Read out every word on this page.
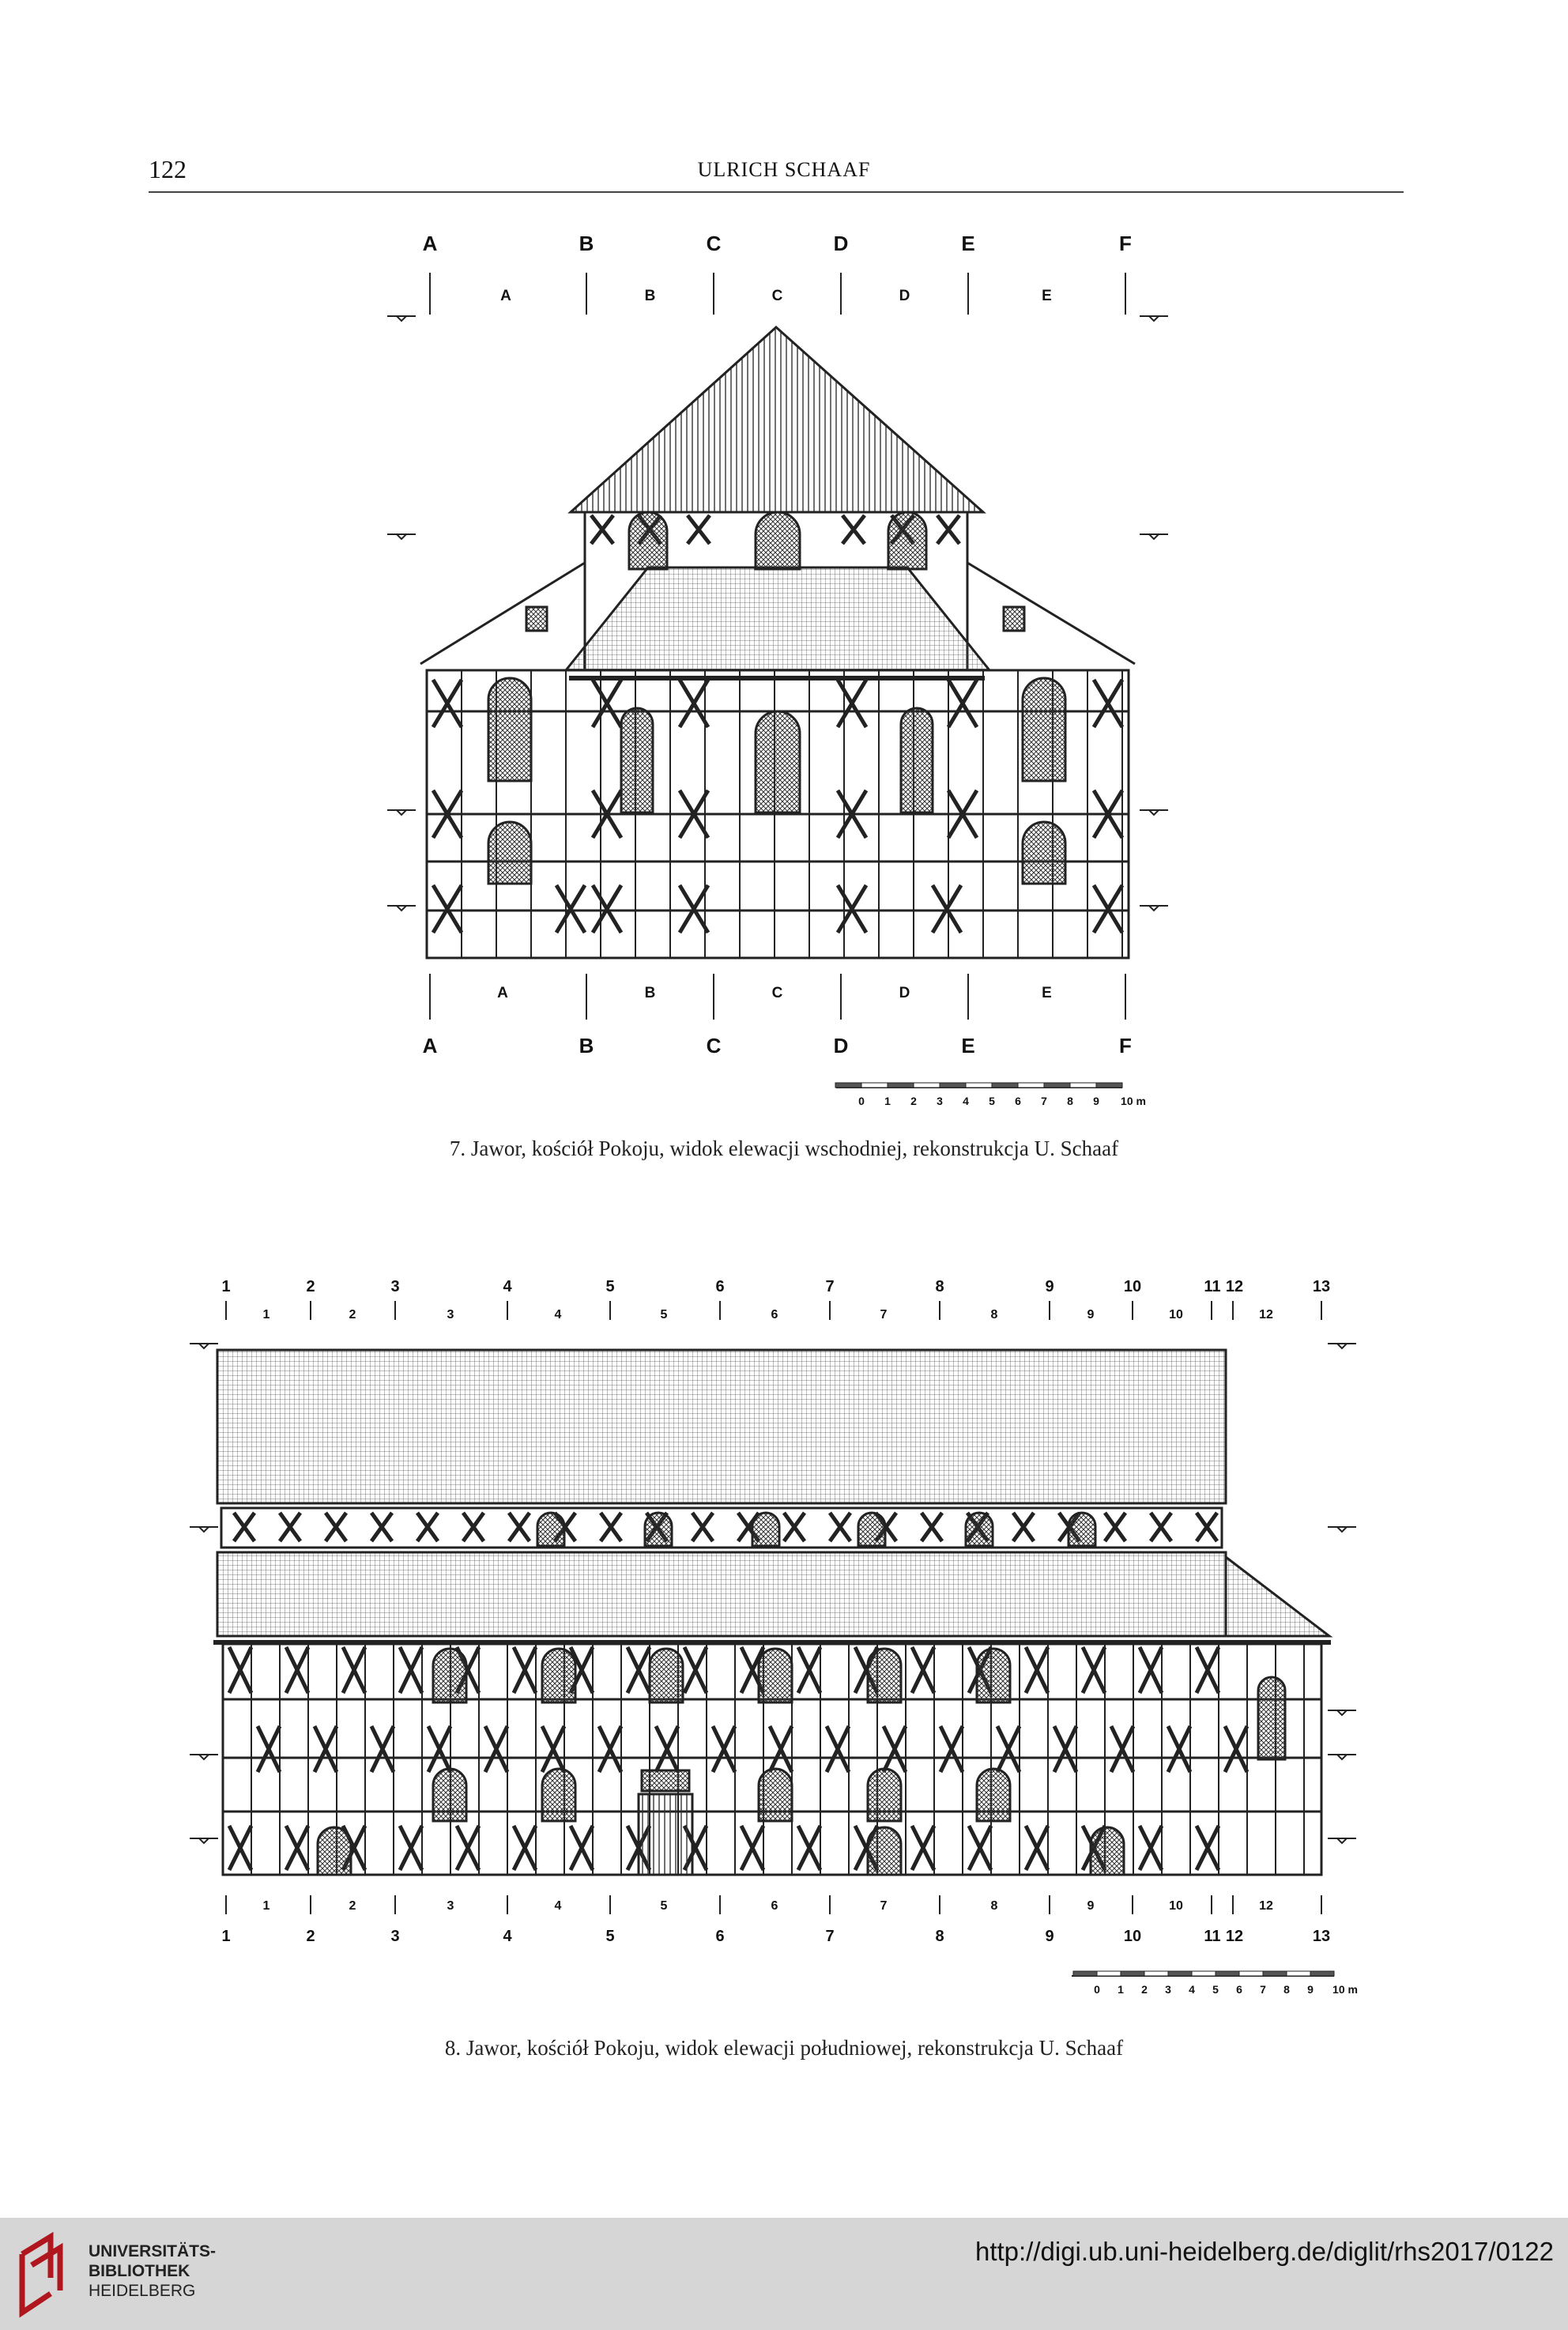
122	ULRICH SCHAAF
A
A
B
B
C
C
D
D
E
E
F
F
A
A
B
B
C
C
D
D
E
E
0 1 2 3 4 5 6 7 8 9 10 m
7. Jawor, kościół Pokoju, widok elewacji wschodniej, rekonstrukcja U. Schaaf
1
1
2
2
3
3
4
4
5
5
6
6
7
7
8
8
9
9
10
10
11
11
12
12
13
13
1
1
2
2
3
3
4
4
5
5
6
6
7
7
8
8
9
9
10
10
12
12
0 1 2 3 4 5 6 7 8 9 10 m
8. Jawor, kościół Pokoju, widok elewacji południowej, rekonstrukcja U. Schaaf
UNIVERSITÄTS-
BIBLIOTHEK
HEIDELBERG
http://digi.ub.uni-heidelberg.de/diglit/rhs2017/0122
